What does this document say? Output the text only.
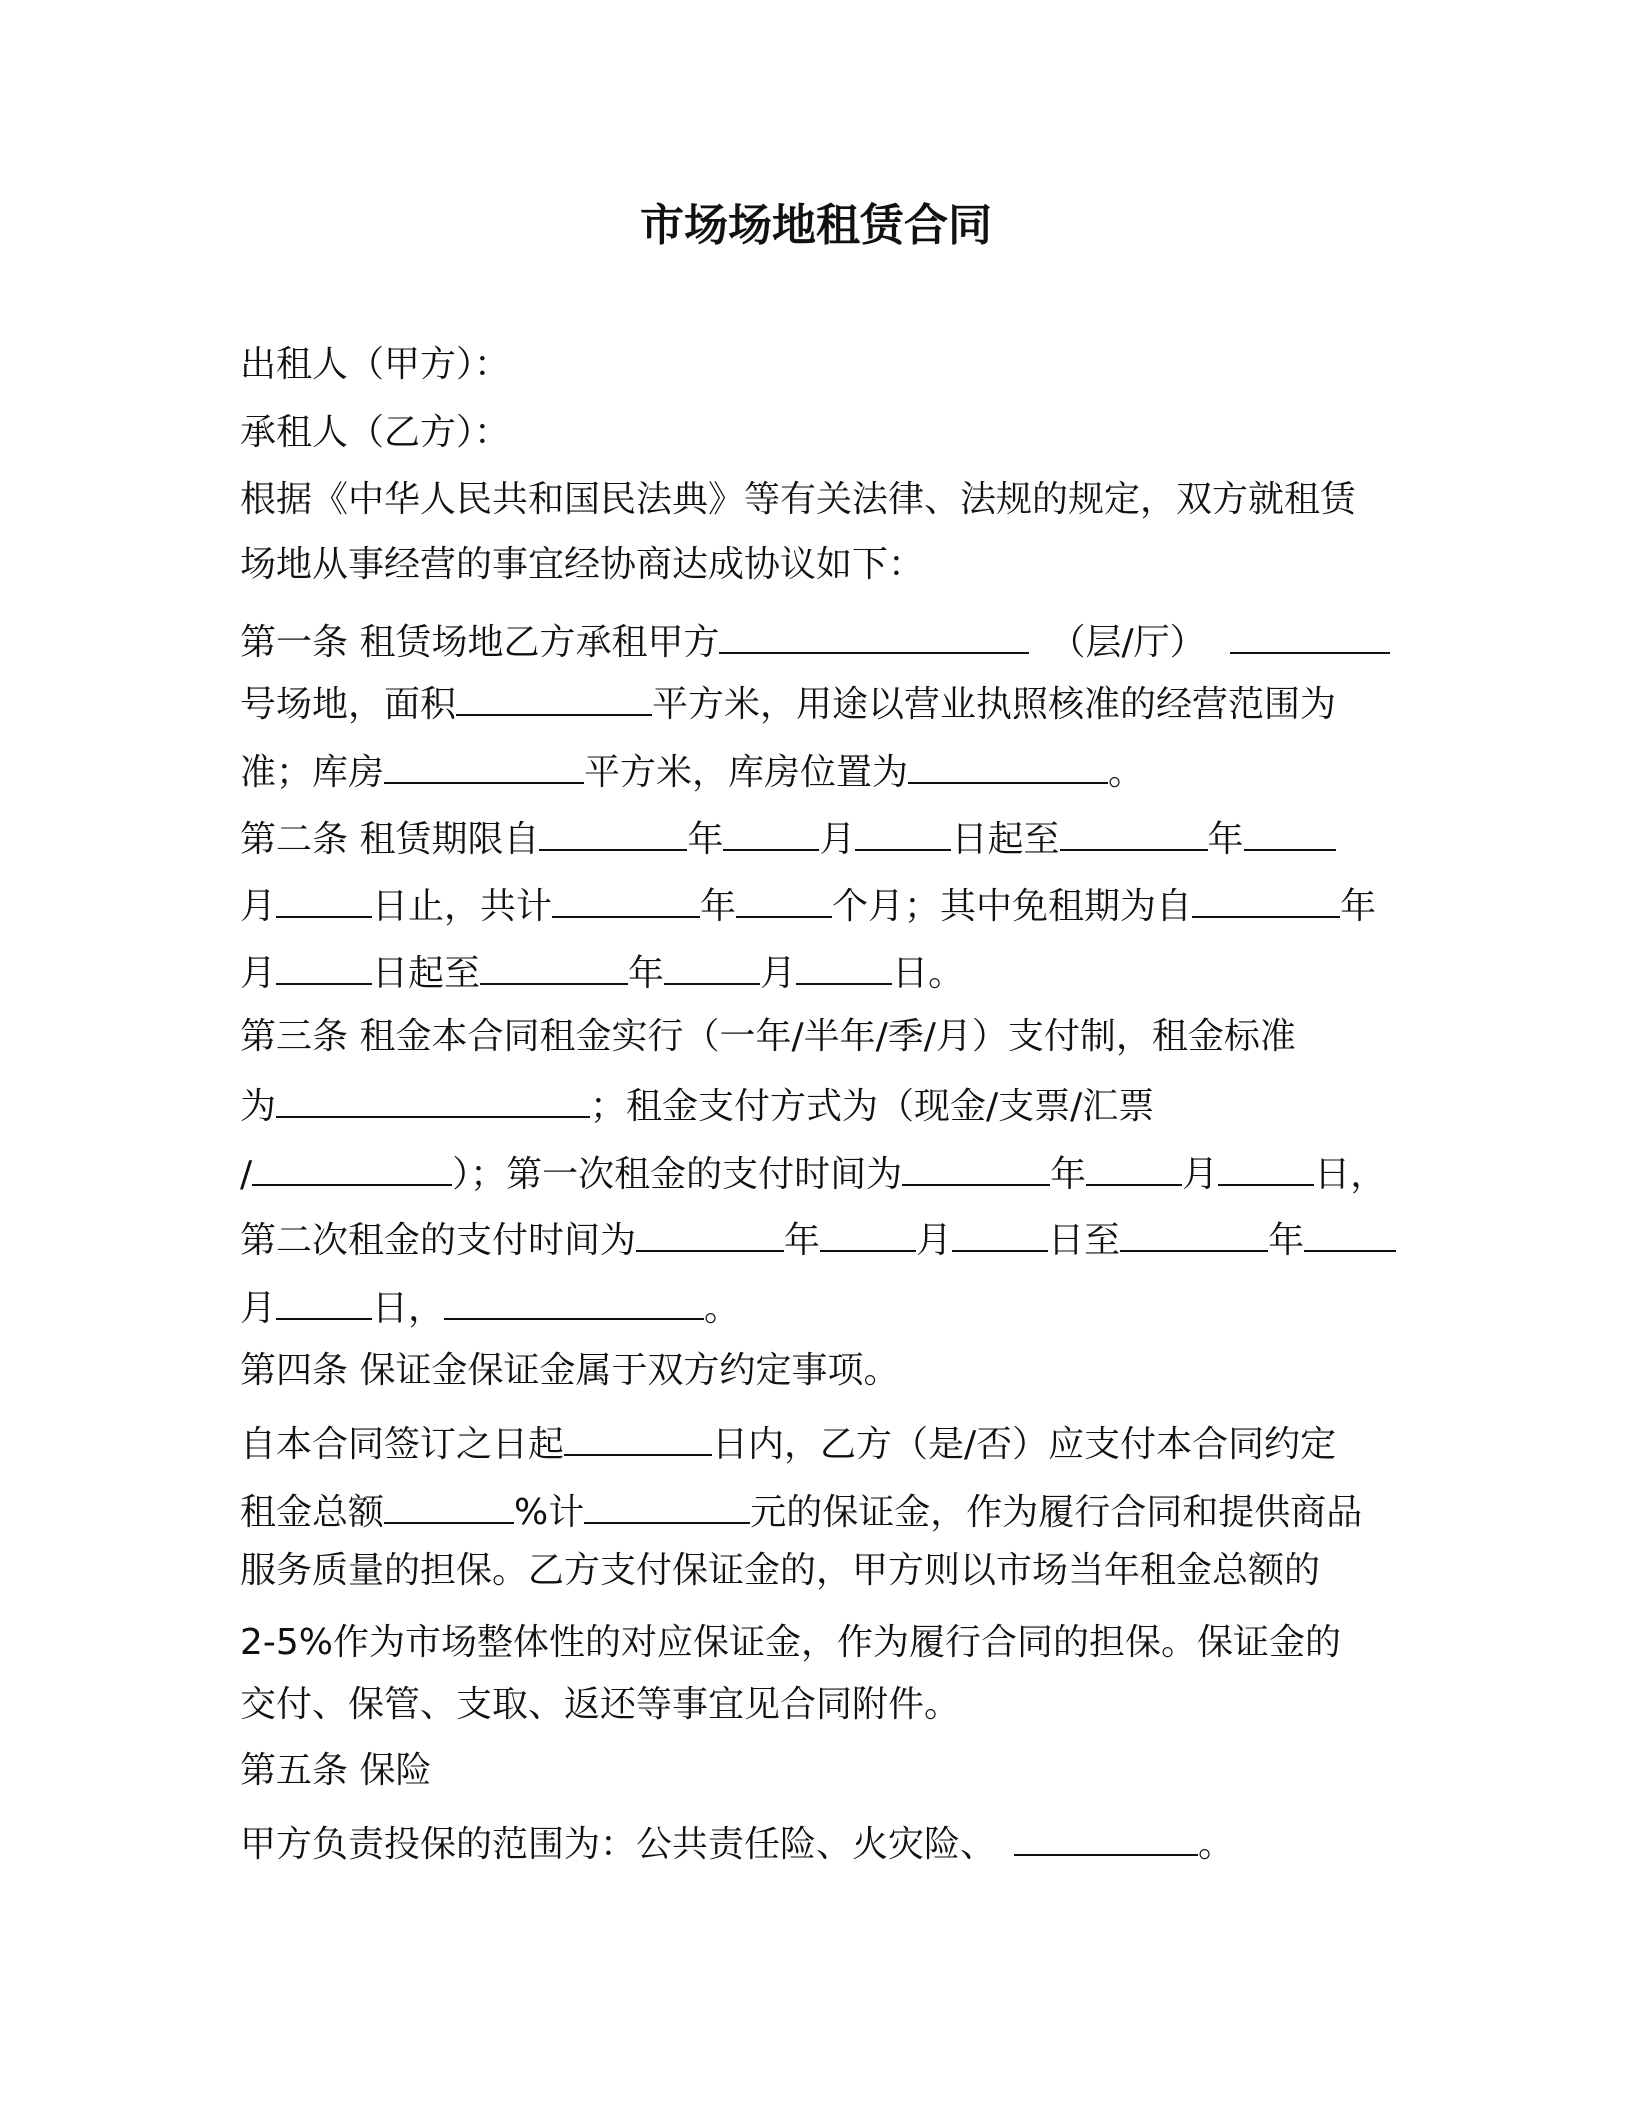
市场场地租赁合同
出租人（甲方）：
承租人（乙方）：
根据《中华人民共和国民法典》等有关法律、法规的规定，双方就租赁
场地从事经营的事宜经协商达成协议如下：
第一条 租赁场地乙方承租甲方	（层/厅）
号场地，面积	平方米，用途以营业执照核准的经营范围为
准；库房	平方米，库房位置为	。
第二条 租赁期限自	年	月	日起至	年
月	日止，共计	年	个月；其中免租期为自	年
月	日起至	年	月	日。
第三条 租金本合同租金实行（一年/半年/季/月）支付制，租金标准
为	；租金支付方式为（现金/支票/汇票
/	）；第一次租金的支付时间为	年	月	日，
第二次租金的支付时间为	年	月	日至	年
月	日，	。
第四条 保证金保证金属于双方约定事项。
自本合同签订之日起	日内，乙方（是/否）应支付本合同约定
租金总额	%计	元的保证金，作为履行合同和提供商品
服务质量的担保。乙方支付保证金的，甲方则以市场当年租金总额的
2-5%作为市场整体性的对应保证金，作为履行合同的担保。保证金的
交付、保管、支取、返还等事宜见合同附件。
第五条 保险
甲方负责投保的范围为：公共责任险、火灾险、	。
